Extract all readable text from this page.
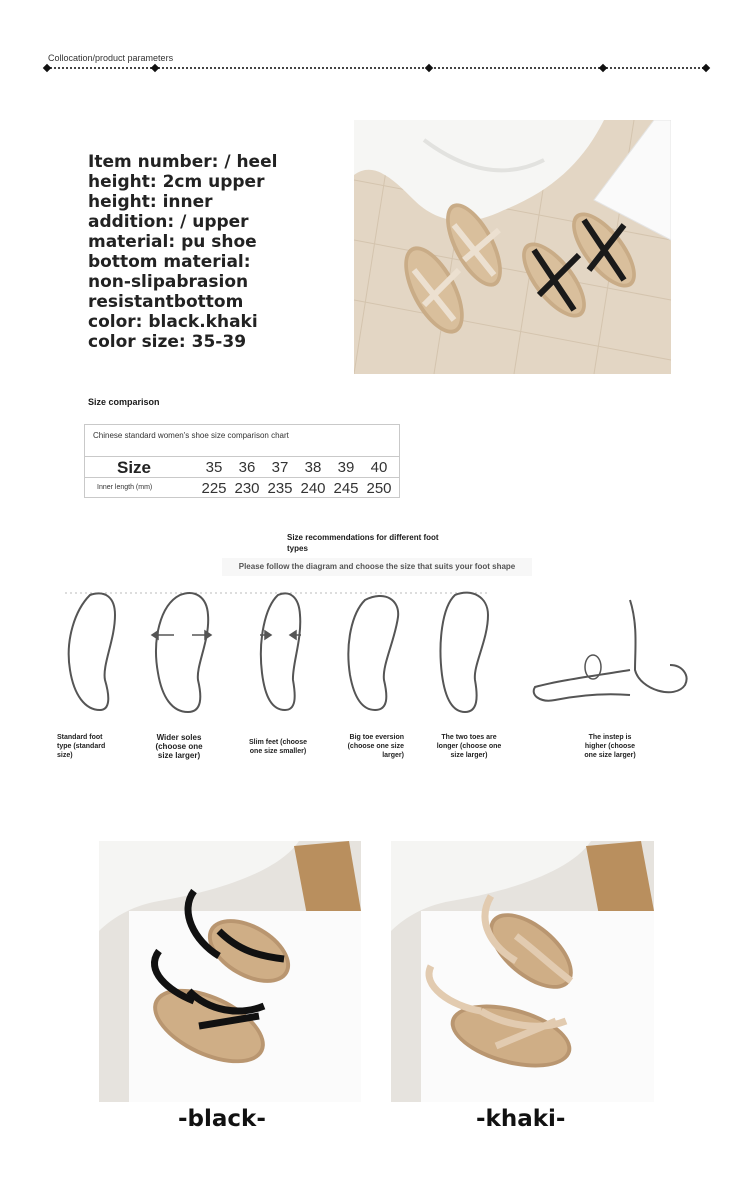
Collocation/product parameters
Item number: / heel
height: 2cm upper
height: inner
addition: / upper
material: pu shoe
bottom material:
non-slipabrasion
resistantbottom
color: black.khaki
color size: 35-39
Size comparison
Chinese standard women's shoe size comparison chart
Size	35	36	37	38	39	40
Inner length (mm)	225 230 235 240 245 250
Size recommendations for different foot types
Please follow the diagram and choose the size that suits your foot shape
Standard foot type (standard size)
Wider soles (choose one size larger)
Slim feet (choose one size smaller)
Big toe eversion (choose one size larger)
The two toes are longer (choose one size larger)
The instep is higher (choose one size larger)
-black-	-khaki-
